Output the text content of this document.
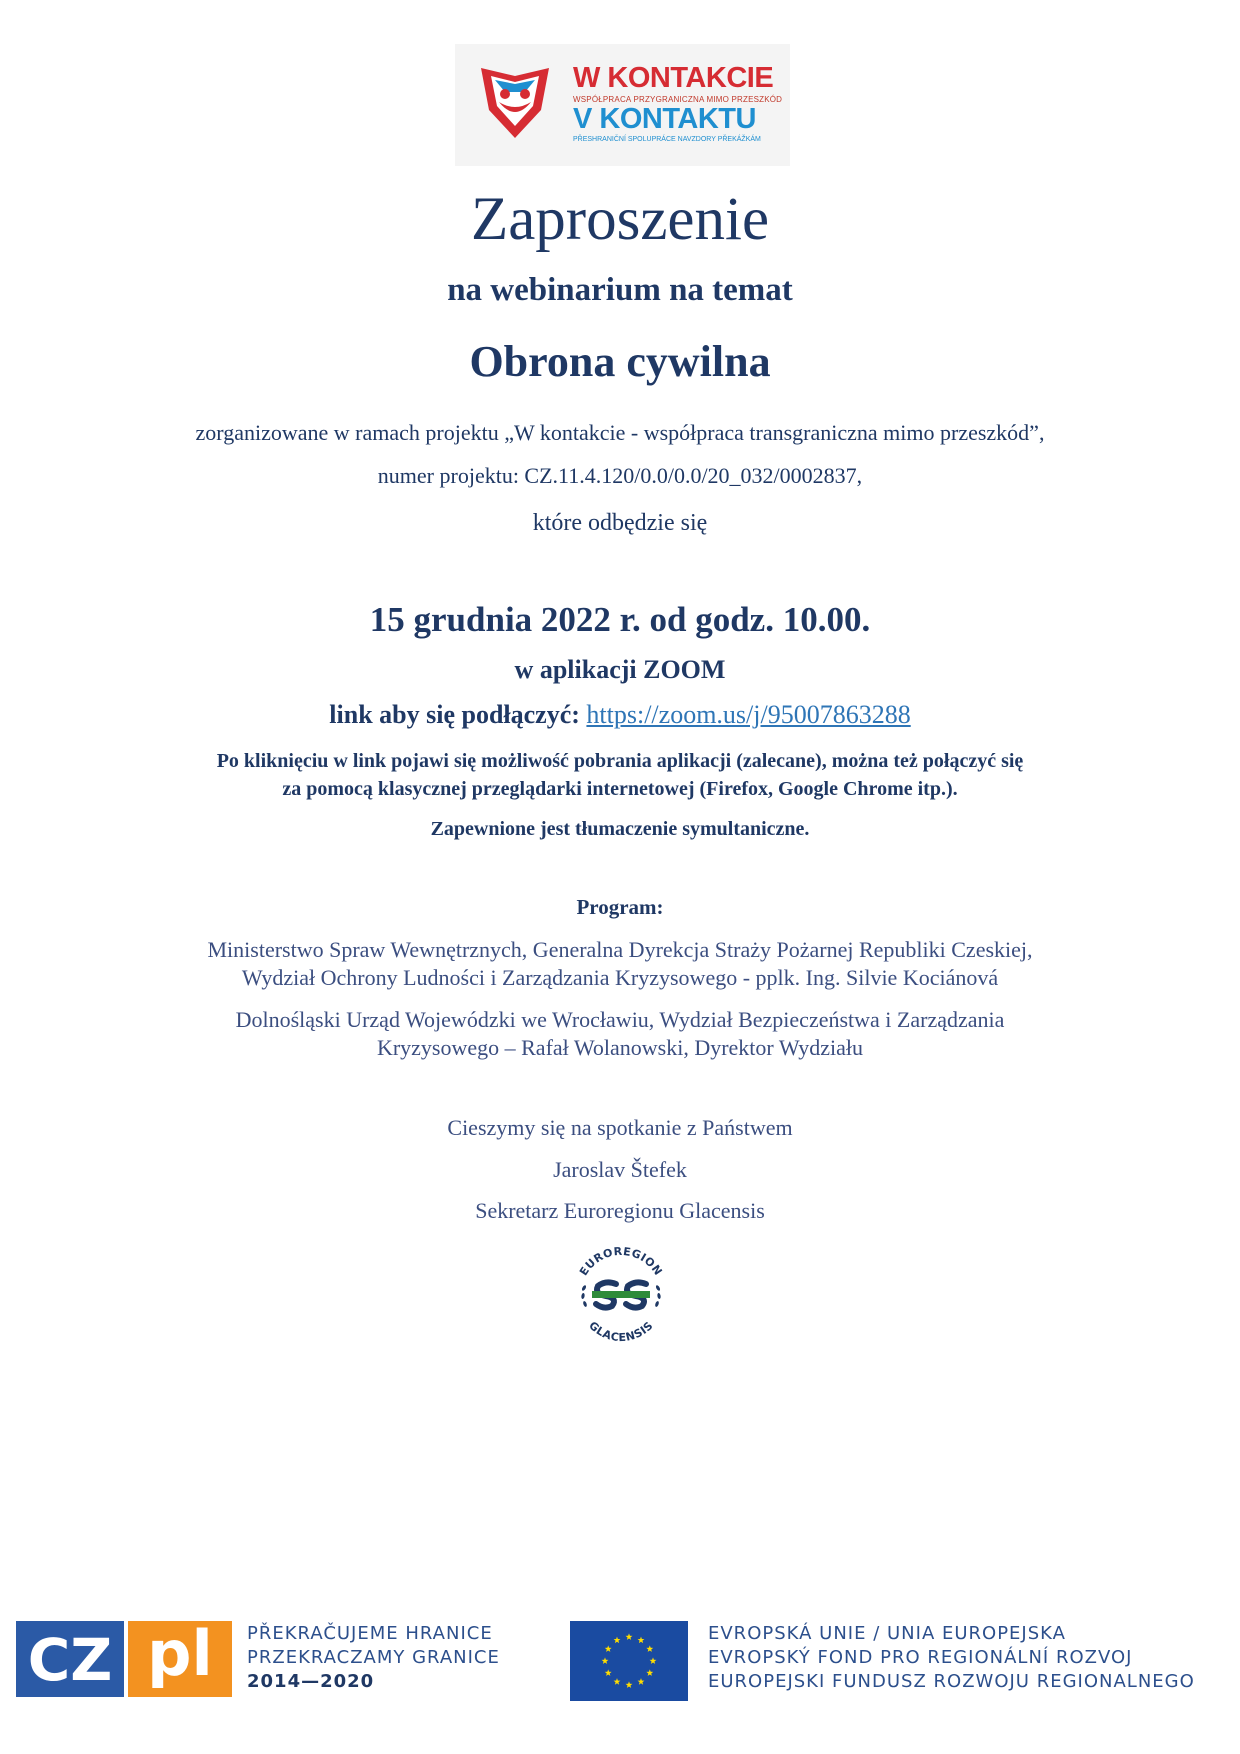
W KONTAKCIE
WSPÓŁPRACA PRZYGRANICZNA MIMO PRZESZKÓD
V KONTAKTU
PŘESHRANIČNÍ SPOLUPRÁCE NAVZDORY PŘEKÁŽKÁM
Zaproszenie
na webinarium na temat
Obrona cywilna
zorganizowane w ramach projektu „W kontakcie - współpraca transgraniczna mimo przeszkód”,
numer projektu: CZ.11.4.120/0.0/0.0/20_032/0002837,
które odbędzie się
15 grudnia 2022 r. od godz. 10.00.
w aplikacji ZOOM
link aby się podłączyć: https://zoom.us/j/95007863288
Po kliknięciu w link pojawi się możliwość pobrania aplikacji (zalecane), można też połączyć się
za pomocą klasycznej przeglądarki internetowej (Firefox, Google Chrome itp.).
Zapewnione jest tłumaczenie symultaniczne.
Program:
Ministerstwo Spraw Wewnętrznych, Generalna Dyrekcja Straży Pożarnej Republiki Czeskiej,
Wydział Ochrony Ludności i Zarządzania Kryzysowego - pplk. Ing. Silvie Kociánová
Dolnośląski Urząd Wojewódzki we Wrocławiu, Wydział Bezpieczeństwa i Zarządzania
Kryzysowego – Rafał Wolanowski, Dyrektor Wydziału
Cieszymy się na spotkanie z Państwem
Jaroslav Štefek
Sekretarz Euroregionu Glacensis
EUROREGION
GLACENSIS
CZ pl PŘEKRAČUJEME HRANICE
PRZEKRACZAMY GRANICE
2014—2020
EVROPSKÁ UNIE / UNIA EUROPEJSKA
EVROPSKÝ FOND PRO REGIONÁLNÍ ROZVOJ
EUROPEJSKI FUNDUSZ ROZWOJU REGIONALNEGO
